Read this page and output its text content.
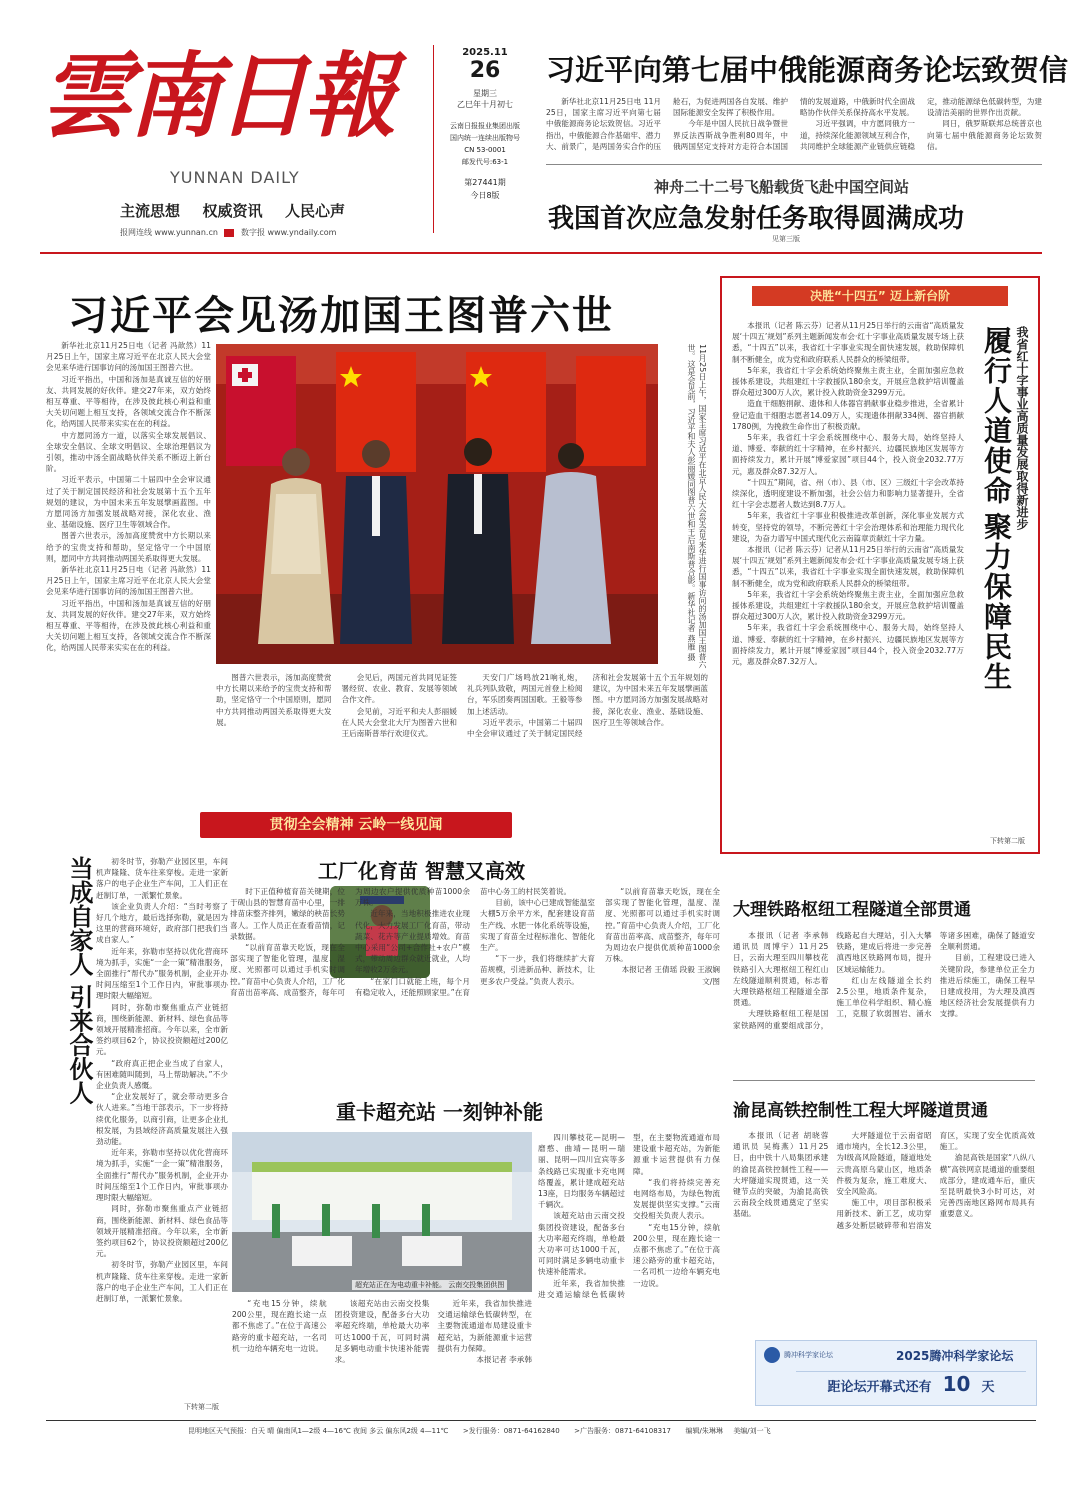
雲南日報
YUNNAN DAILY
主流思想 权威资讯 人民心声
报网连线 www.yunnan.cn	数字报 www.yndaily.com
2025.11
26
星期三
乙巳年十月初七
云南日报报业集团出版
国内统一连续出版物号
CN 53-0001
邮发代号:63-1
第27441期
今日8版
习近平向第七届中俄能源商务论坛致贺信

新华社北京11月25日电 11月25日，国家主席习近平向第七届中俄能源商务论坛致贺信。习近平指出，中俄能源合作基础牢、潜力大、前景广，是两国务实合作的压舱石，为促进两国各自发展、维护国际能源安全发挥了积极作用。

今年是中国人民抗日战争暨世界反法西斯战争胜利80周年，中俄两国坚定支持对方走符合本国国情的发展道路，中俄新时代全面战略协作伙伴关系保持高水平发展。

习近平强调，中方愿同俄方一道，持续深化能源领域互利合作，共同维护全球能源产业链供应链稳定，推动能源绿色低碳转型，为建设清洁美丽的世界作出贡献。

同日，俄罗斯联邦总统普京也向第七届中俄能源商务论坛致贺信。

神舟二十二号飞船载货飞赴中国空间站
我国首次应急发射任务取得圆满成功
见第三版
习近平会见汤加国王图普六世

新华社北京11月25日电（记者 冯歆然）11月25日上午，国家主席习近平在北京人民大会堂会见来华进行国事访问的汤加国王图普六世。

习近平指出，中国和汤加是真诚互信的好朋友、共同发展的好伙伴。建交27年来，双方始终相互尊重、平等相待，在涉及彼此核心利益和重大关切问题上相互支持，各领域交流合作不断深化，给两国人民带来实实在在的利益。

中方愿同汤方一道，以落实全球发展倡议、全球安全倡议、全球文明倡议、全球治理倡议为引领，推动中汤全面战略伙伴关系不断迈上新台阶。

习近平表示，中国第二十届四中全会审议通过了关于制定国民经济和社会发展第十五个五年规划的建议，为中国未来五年发展擘画蓝图。中方愿同汤方加强发展战略对接，深化农业、渔业、基础设施、医疗卫生等领域合作。

图普六世表示，汤加高度赞赏中方长期以来给予的宝贵支持和帮助，坚定恪守一个中国原则，愿同中方共同推动两国关系取得更大发展。

新华社北京11月25日电（记者 冯歆然）11月25日上午，国家主席习近平在北京人民大会堂会见来华进行国事访问的汤加国王图普六世。

习近平指出，中国和汤加是真诚互信的好朋友、共同发展的好伙伴。建交27年来，双方始终相互尊重、平等相待，在涉及彼此核心利益和重大关切问题上相互支持，各领域交流合作不断深化，给两国人民带来实实在在的利益。	11月25日上午，国家主席习近平在北京人民大会堂会见来华进行国事访问的汤加国王图普六世。这是会见前，习近平和夫人彭丽媛同图普六世和王后南斯普合影。新华社记者 燕雁 摄

图普六世表示，汤加高度赞赏中方长期以来给予的宝贵支持和帮助，坚定恪守一个中国原则，愿同中方共同推动两国关系取得更大发展。

会见后，两国元首共同见证签署经贸、农业、教育、发展等领域合作文件。

会见前，习近平和夫人彭丽媛在人民大会堂北大厅为图普六世和王后南斯普举行欢迎仪式。

天安门广场鸣放21响礼炮，礼兵列队致敬，两国元首登上检阅台，军乐团奏两国国歌。王毅等参加上述活动。

习近平表示，中国第二十届四中全会审议通过了关于制定国民经济和社会发展第十五个五年规划的建议，为中国未来五年发展擘画蓝图。中方愿同汤方加强发展战略对接，深化农业、渔业、基础设施、医疗卫生等领域合作。

决胜“十四五” 迈上新台阶

本报讯（记者 陈云芬）记者从11月25日举行的云南省“高质量发展‘十四五’规划”系列主题新闻发布会·红十字事业高质量发展专场上获悉，“十四五”以来，我省红十字事业实现全面快速发展，救助保障机制不断健全，成为党和政府联系人民群众的桥梁纽带。

5年来，我省红十字会系统始终聚焦主责主业，全面加强应急救援体系建设，共组建红十字救援队180余支，开展应急救护培训覆盖群众超过300万人次，累计投入救助资金3299万元。

造血干细胞捐献、遗体和人体器官捐献事业稳步推进，全省累计登记造血干细胞志愿者14.09万人，实现遗体捐献334例、器官捐献1780例，为挽救生命作出了积极贡献。

5年来，我省红十字会系统围绕中心、服务大局，始终坚持人道、博爱、奉献的红十字精神，在乡村振兴、边疆民族地区发展等方面持续发力，累计开展“博爱家园”项目44个，投入资金2032.77万元，惠及群众87.32万人。

“十四五”期间，省、州（市）、县（市、区）三级红十字会改革持续深化，透明度建设不断加强，社会公信力和影响力显著提升，全省红十字会志愿者人数达到8.7万人。

5年来，我省红十字事业积极推进改革创新，深化事业发展方式转变，坚持党的领导，不断完善红十字会治理体系和治理能力现代化建设，为奋力谱写中国式现代化云南篇章贡献红十字力量。

本报讯（记者 陈云芬）记者从11月25日举行的云南省“高质量发展‘十四五’规划”系列主题新闻发布会·红十字事业高质量发展专场上获悉，“十四五”以来，我省红十字事业实现全面快速发展，救助保障机制不断健全，成为党和政府联系人民群众的桥梁纽带。

5年来，我省红十字会系统始终聚焦主责主业，全面加强应急救援体系建设，共组建红十字救援队180余支，开展应急救护培训覆盖群众超过300万人次，累计投入救助资金3299万元。

5年来，我省红十字会系统围绕中心、服务大局，始终坚持人道、博爱、奉献的红十字精神，在乡村振兴、边疆民族地区发展等方面持续发力，累计开展“博爱家园”项目44个，投入资金2032.77万元，惠及群众87.32万人。

下转第二版
履行人道使命
聚力保障民生
我省红十字事业高质量发展取得新进步
贯彻全会精神 云岭一线见闻
当成自家人 引来合伙人	初冬时节，弥勒产业园区里，车间机声隆隆、货车往来穿梭。走进一家新落户的电子企业生产车间，工人们正在赶制订单，一派繁忙景象。

该企业负责人介绍：“当时考察了好几个地方，最后选择弥勒，就是因为这里的营商环境好，政府部门把我们当成自家人。”

近年来，弥勒市坚持以优化营商环境为抓手，实施“一企一策”精准服务，全面推行“帮代办”服务机制，企业开办时间压缩至1个工作日内，审批事项办理时限大幅缩短。

同时，弥勒市聚焦重点产业链招商，围绕新能源、新材料、绿色食品等领域开展精准招商。今年以来，全市新签约项目62个，协议投资额超过200亿元。

“政府真正把企业当成了自家人，有困难随叫随到，马上帮助解决。”不少企业负责人感慨。

“企业发展好了，就会带动更多合伙人进来。”当地干部表示，下一步将持续优化服务，以商引商，让更多企业扎根发展，为县域经济高质量发展注入强劲动能。

近年来，弥勒市坚持以优化营商环境为抓手，实施“一企一策”精准服务，全面推行“帮代办”服务机制，企业开办时间压缩至1个工作日内，审批事项办理时限大幅缩短。

同时，弥勒市聚焦重点产业链招商，围绕新能源、新材料、绿色食品等领域开展精准招商。今年以来，全市新签约项目62个，协议投资额超过200亿元。

初冬时节，弥勒产业园区里，车间机声隆隆、货车往来穿梭。走进一家新落户的电子企业生产车间，工人们正在赶制订单，一派繁忙景象。

下转第二版
工厂化育苗 智慧又高效

时下正值种植育苗关键期，位于砚山县的智慧育苗中心里，一排排苗床整齐排列，嫩绿的秧苗长势喜人。工作人员正在查看苗情，记录数据。

“以前育苗靠天吃饭，现在全部实现了智能化管理，温度、湿度、光照都可以通过手机实时调控。”育苗中心负责人介绍，工厂化育苗出苗率高、成苗整齐，每年可为周边农户提供优质种苗1000余万株。

近年来，当地积极推进农业现代化，大力发展工厂化育苗，带动蔬菜、花卉等产业提质增效。育苗中心采用“公司+合作社+农户”模式，带动周边群众就近就业，人均年增收2万余元。

“在家门口就能上班，每个月有稳定收入，还能照顾家里。”在育苗中心务工的村民笑着说。

目前，该中心已建成智能温室大棚5万余平方米，配套建设育苗生产线、水肥一体化系统等设施，实现了育苗全过程标准化、智能化生产。

“下一步，我们将继续扩大育苗规模，引进新品种、新技术，让更多农户受益。”负责人表示。

“以前育苗靠天吃饭，现在全部实现了智能化管理，温度、湿度、光照都可以通过手机实时调控。”育苗中心负责人介绍，工厂化育苗出苗率高、成苗整齐，每年可为周边农户提供优质种苗1000余万株。

本报记者 王倩瑶 段毅 王淑娴 文/图

重卡超充站 一刻钟补能
超充站正在为电动重卡补能。 云南交投集团供图

四川攀枝花—昆明—磨憨、曲靖—昆明—瑞丽、昆明—四川宜宾等多条线路已实现重卡充电网络覆盖，累计建成超充站13座，日均服务车辆超过千辆次。

该超充站由云南交投集团投资建设，配备多台大功率超充终端，单枪最大功率可达1000千瓦，可同时满足多辆电动重卡快速补能需求。

近年来，我省加快推进交通运输绿色低碳转型，在主要物流通道布局建设重卡超充站，为新能源重卡运营提供有力保障。

“我们将持续完善充电网络布局，为绿色物流发展提供坚实支撑。”云南交投相关负责人表示。

“充电15分钟，续航200公里，现在跑长途一点都不焦虑了。”在位于高速公路旁的重卡超充站，一名司机一边给车辆充电一边说。

“充电15分钟，续航200公里，现在跑长途一点都不焦虑了。”在位于高速公路旁的重卡超充站，一名司机一边给车辆充电一边说。

该超充站由云南交投集团投资建设，配备多台大功率超充终端，单枪最大功率可达1000千瓦，可同时满足多辆电动重卡快速补能需求。

近年来，我省加快推进交通运输绿色低碳转型，在主要物流通道布局建设重卡超充站，为新能源重卡运营提供有力保障。

本报记者 李承韩

大理铁路枢纽工程隧道全部贯通

本报讯（记者 李承韩 通讯员 周博宇）11月25日，云南大理至四川攀枝花铁路引入大理枢纽工程红山左线隧道顺利贯通，标志着大理铁路枢纽工程隧道全部贯通。

大理铁路枢纽工程是国家铁路网的重要组成部分，线路起自大理站，引入大攀铁路，建成后将进一步完善滇西地区铁路网布局，提升区域运输能力。

红山左线隧道全长约2.5公里，地质条件复杂，施工单位科学组织、精心施工，克服了软弱围岩、涌水等诸多困难，确保了隧道安全顺利贯通。

目前，工程建设已进入关键阶段，参建单位正全力推进后续施工，确保工程早日建成投用，为大理及滇西地区经济社会发展提供有力支撑。

渝昆高铁控制性工程大坪隧道贯通

本报讯（记者 胡晓蓉 通讯员 吴梅燕）11月25日，由中铁十八局集团承建的渝昆高铁控制性工程——大坪隧道实现贯通，这一关键节点的突破，为渝昆高铁云南段全线贯通奠定了坚实基础。

大坪隧道位于云南省昭通市境内，全长12.3公里，为Ⅰ级高风险隧道，隧道地处云贵高原乌蒙山区，地质条件极为复杂，施工难度大、安全风险高。

施工中，项目部积极采用新技术、新工艺，成功穿越多处断层破碎带和岩溶发育区，实现了安全优质高效施工。

渝昆高铁是国家“八纵八横”高铁网京昆通道的重要组成部分，建成通车后，重庆至昆明最快3小时可达，对完善西南地区路网布局具有重要意义。

腾冲科学家论坛	2025腾冲科学家论坛
距论坛开幕式还有 10 天
昆明地区天气预报：白天 晴 偏南风1—2级 4—16℃ 夜间 多云 偏东风2级 4—11℃ >发行服务：0871-64162840 >广告服务：0871-64108317 编辑/朱琳琳 美编/刘一飞
